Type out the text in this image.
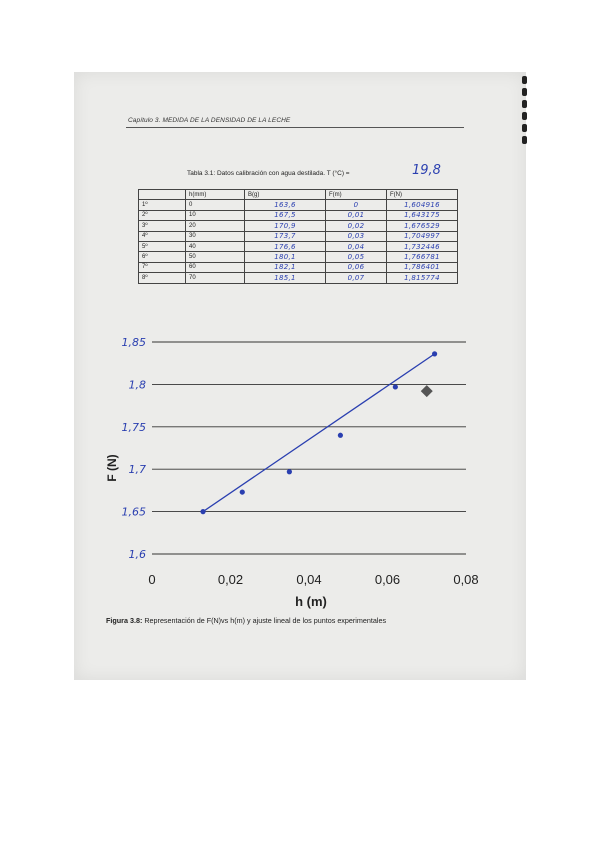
Capítulo 3. MEDIDA DE LA DENSIDAD DE LA LECHE
Tabla 3.1: Datos calibración con agua destilada. T (°C) =	19,8
	h(mm)	B(g)	F(m)	F(N)
1º	0	163,6	0	1,604916
2º	10	167,5	0,01	1,643175
3º	20	170,9	0,02	1,676529
4º	30	173,7	0,03	1,704997
5º	40	176,6	0,04	1,732446
6º	50	180,1	0,05	1,766781
7º	60	182,1	0,06	1,786401
8º	70	185,1	0,07	1,815774
1,6
1,65
1,7
1,75
1,8
1,85
0	0,02	0,04	0,06	0,08
F (N)
h (m)
Figura 3.8: Representación de F(N)vs h(m) y ajuste lineal de los puntos experimentales
